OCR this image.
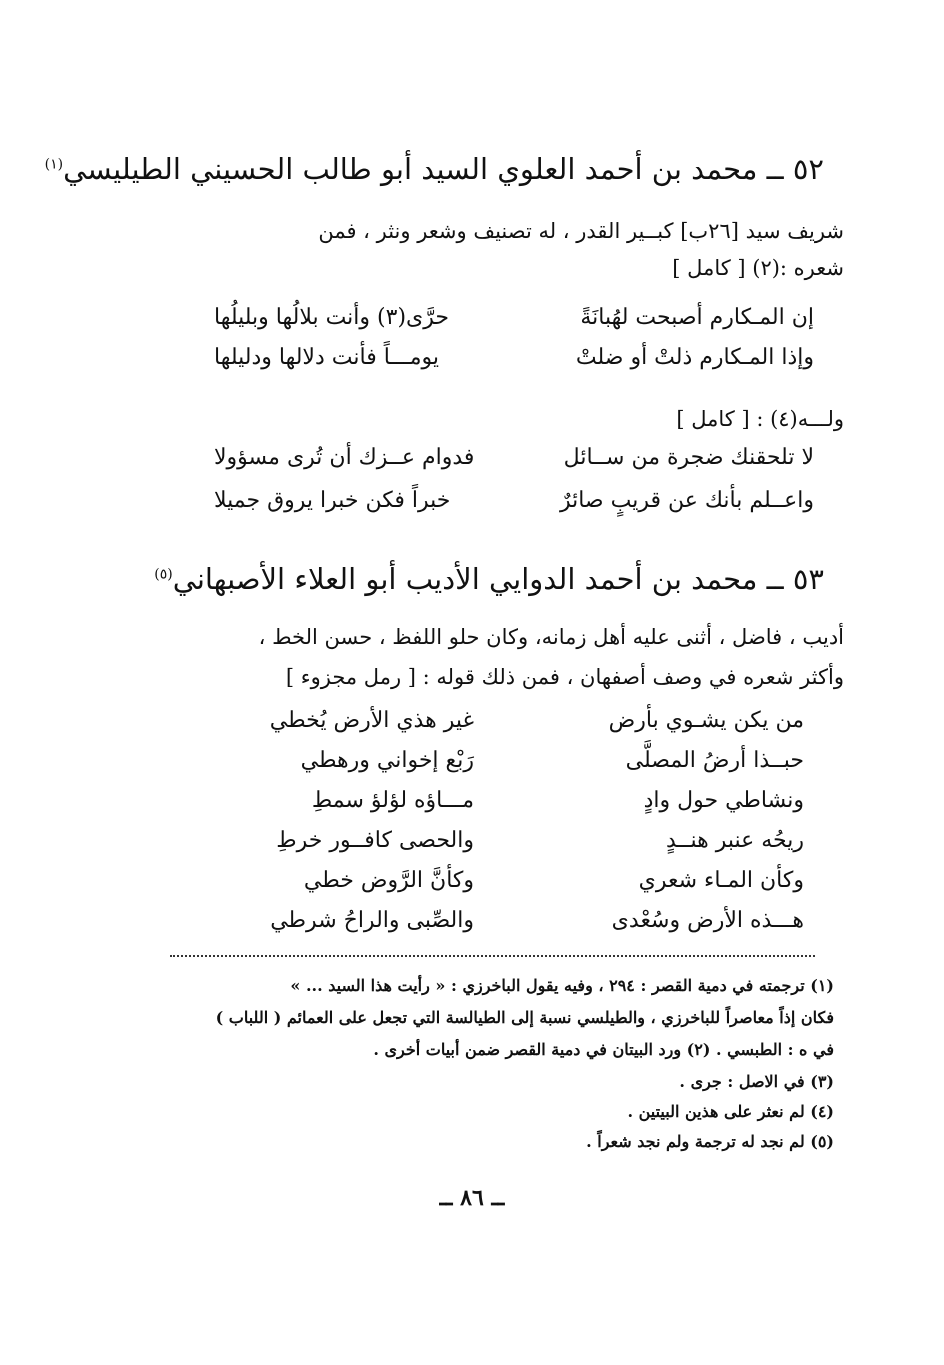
٥٢ ــ محمد بن أحمد العلوي السيد أبو طالب الحسيني الطيليسي$^{(١)}$
شريف سيد [٢٦ب] كبــير القدر ، له تصنيف وشعر ونثر ، فمن
شعره :(٢) [ كامل ]
إن المـكارم أصبحت لهُبانَةً
حرَّى(٣) وأنت بلالُها وبليلُها
وإذا المـكارم ذلتْ أو ضلتْ
يومـــاً فأنت دلالها ودليلها
ولـــه(٤) : [ كامل ]
لا تلحقنك ضجرة من ســائل
فدوام عــزك أن تُرى مسؤولا
واعــلم بأنك عن قريبٍ صائرٌ
خبراً فكن خبرا يروق جميلا
٥٣ ــ محمد بن أحمد الدوايي الأديب أبو العلاء الأصبهاني$^{(٥)}$
أديب ، فاضل ، أثنى عليه أهل زمانه، وكان حلو اللفظ ، حسن الخط ،
وأكثر شعره في وصف أصفهان ، فمن ذلك قوله : [ رمل مجزوء ]
من يكن يشـوي بأرض
غير هذي الأرض يُخطي
حبــذا أرضُ المصلَّى
رَبْع إخواني ورهطي
ونشاطي حول وادٍ
مـــاؤه لؤلؤ سمطِ
ريحُه عنبر هنــدٍ
والحصى كافــور خرطِ
وكأن المـاء شعري
وكأنَّ الرَّوض خطي
هـــذه الأرض وسُعْدى
والصِّبى والراحُ شرطي
(١) ترجمته في دمية القصر : ٢٩٤ ، وفيه يقول الباخرزي : « رأيت هذا السيد ... »
فكان إذاً معاصراً للباخرزي ، والطيلسي نسبة إلى الطيالسة التي تجعل على العمائم ( اللباب )
في ه : الطبسي . (٢) ورد البيتان في دمية القصر ضمن أبيات أخرى .
(٣) في الاصل : جرى .
(٤) لم نعثر على هذين البيتين .
(٥) لم نجد له ترجمة ولم نجد شعراً .
ــ ٨٦ ــ
